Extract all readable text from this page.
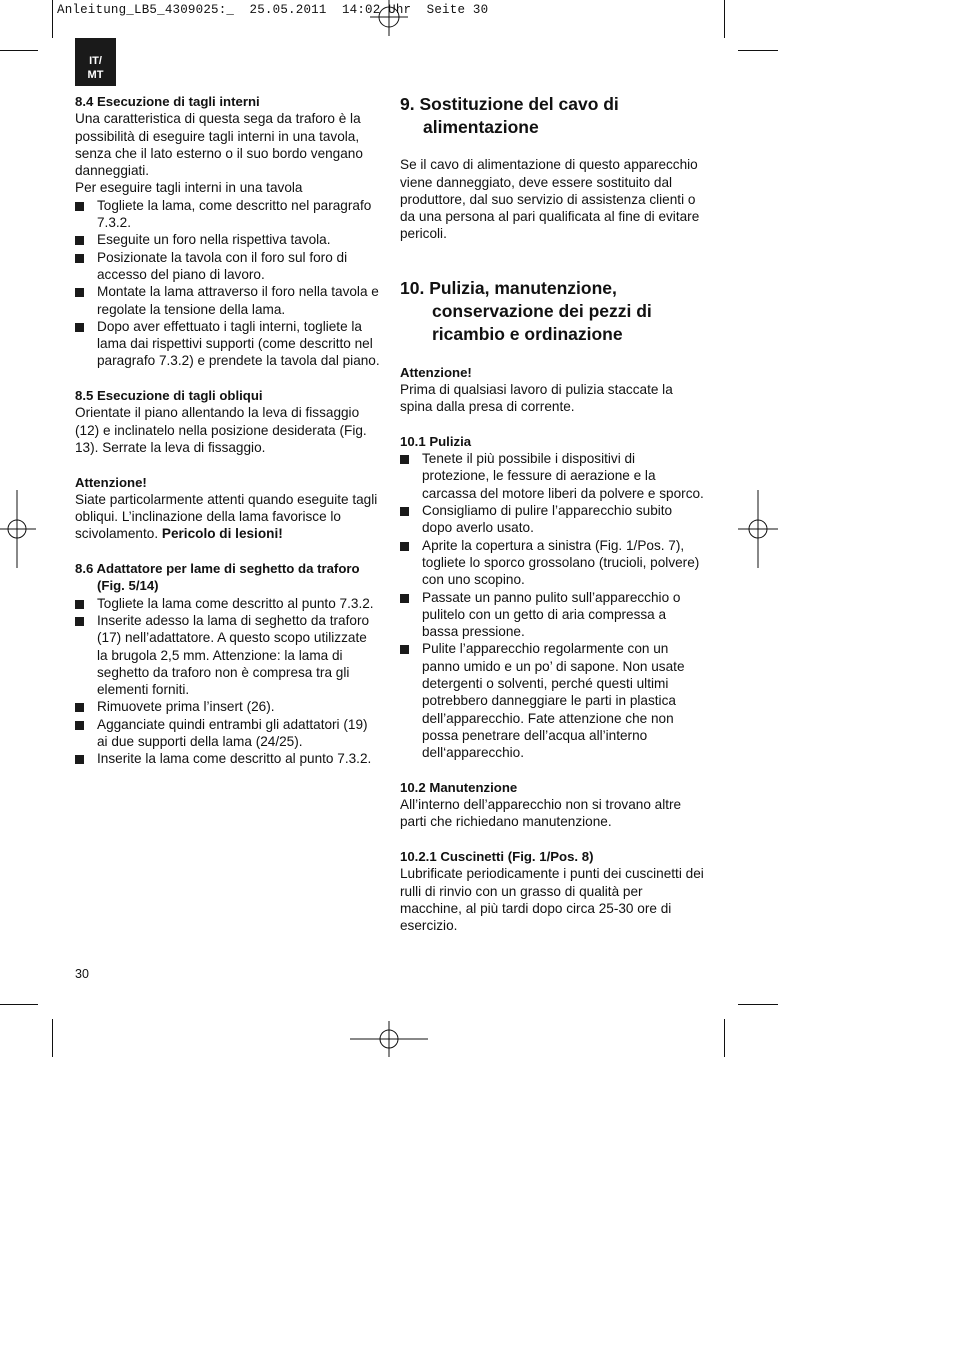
Anleitung_LB5_4309025:_  25.05.2011  14:02 Uhr  Seite 30
IT/
MT
8.4 Esecuzione di tagli interni

Una caratteristica di questa sega da traforo è la possibilità di eseguire tagli interni in una tavola, senza che il lato esterno o il suo bordo vengano danneggiati.

Per eseguire tagli interni in una tavola

Togliete la lama, come descritto nel paragrafo 7.3.2.
Eseguite un foro nella rispettiva tavola.
Posizionate la tavola con il foro sul foro di accesso del piano di lavoro.
Montate la lama attraverso il foro nella tavola e regolate la tensione della lama.
Dopo aver effettuato i tagli interni, togliete la lama dai rispettivi supporti (come descritto nel paragrafo 7.3.2) e prendete la tavola dal piano.
8.5 Esecuzione di tagli obliqui

Orientate il piano allentando la leva di fissaggio (12) e inclinatelo nella posizione desiderata (Fig. 13). Serrate la leva di fissaggio.

Attenzione!

Siate particolarmente attenti quando eseguite tagli obliqui. L’inclinazione della lama favorisce lo scivolamento. Pericolo di lesioni!

8.6 Adattatore per lame di seghetto da traforo (Fig. 5/14)
Togliete la lama come descritto al punto 7.3.2.
Inserite adesso la lama di seghetto da traforo (17) nell’adattatore. A questo scopo utilizzate la brugola 2,5 mm. Attenzione: la lama di seghetto da traforo non è compresa tra gli elementi forniti.
Rimuovete prima l’insert (26).
Agganciate quindi entrambi gli adattatori (19) ai due supporti della lama (24/25).
Inserite la lama come descritto al punto 7.3.2.
9. Sostituzione del cavo di alimentazione

Se il cavo di alimentazione di questo apparecchio viene danneggiato, deve essere sostituito dal produttore, dal suo servizio di assistenza clienti o da una persona al pari qualificata al fine di evitare pericoli.

10. Pulizia, manutenzione, conservazione dei pezzi di ricambio e ordinazione
Attenzione!

Prima di qualsiasi lavoro di pulizia staccate la spina dalla presa di corrente.

10.1 Pulizia
Tenete il più possibile i dispositivi di protezione, le fessure di aerazione e la carcassa del motore liberi da polvere e sporco.
Consigliamo di pulire l’apparecchio subito dopo averlo usato.
Aprite la copertura a sinistra (Fig. 1/Pos. 7), togliete lo sporco grossolano (trucioli, polvere) con uno scopino.
Passate un panno pulito sull’apparecchio o pulitelo con un getto di aria compressa a bassa pressione.
Pulite l’apparecchio regolarmente con un panno umido e un po’ di sapone. Non usate detergenti o solventi, perché questi ultimi potrebbero danneggiare le parti in plastica dell’apparecchio. Fate attenzione che non possa penetrare dell’acqua all’interno dell‘apparecchio.
10.2 Manutenzione

All’interno dell’apparecchio non si trovano altre parti che richiedano manutenzione.

10.2.1 Cuscinetti (Fig. 1/Pos. 8)

Lubrificate periodicamente i punti dei cuscinetti dei rulli di rinvio con un grasso di qualità per macchine, al più tardi dopo circa 25-30 ore di esercizio.

30
